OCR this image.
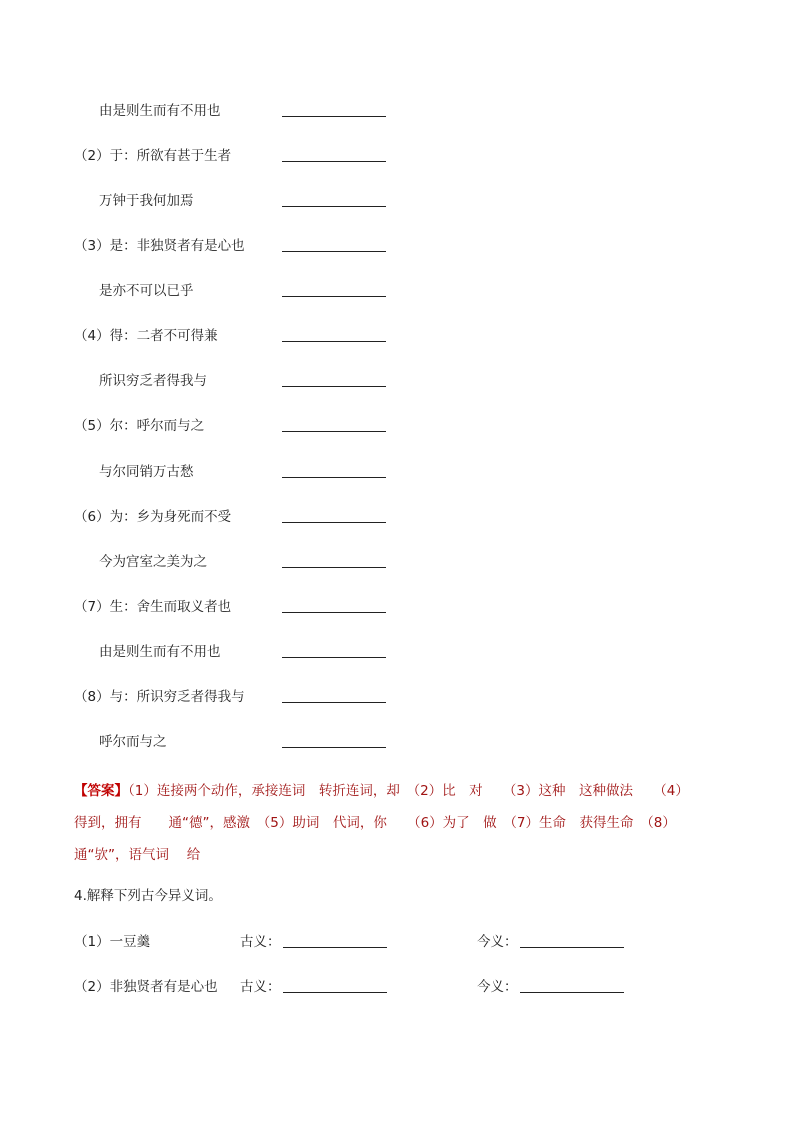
由是则生而有不用也
（2）于：所欲有甚于生者
万钟于我何加焉
（3）是：非独贤者有是心也
是亦不可以已乎
（4）得：二者不可得兼
所识穷乏者得我与
（5）尔：呼尔而与之
与尔同销万古愁
（6）为：乡为身死而不受
今为宫室之美为之
（7）生：舍生而取义者也
由是则生而有不用也
（8）与：所识穷乏者得我与
呼尔而与之
【答案】（1）连接两个动作，承接连词　转折连词，却　（2）比　对　　（3）这种　这种做法　　（4）
得到，拥有　　通“德”，感激　（5）助词　代词，你　　（6）为了　做　（7）生命　获得生命　（8）
通“欤”，语气词　 给
4.解释下列古今异义词。
（1）一豆羹	古义：	今义：
（2）非独贤者有是心也 古义：	今义：
